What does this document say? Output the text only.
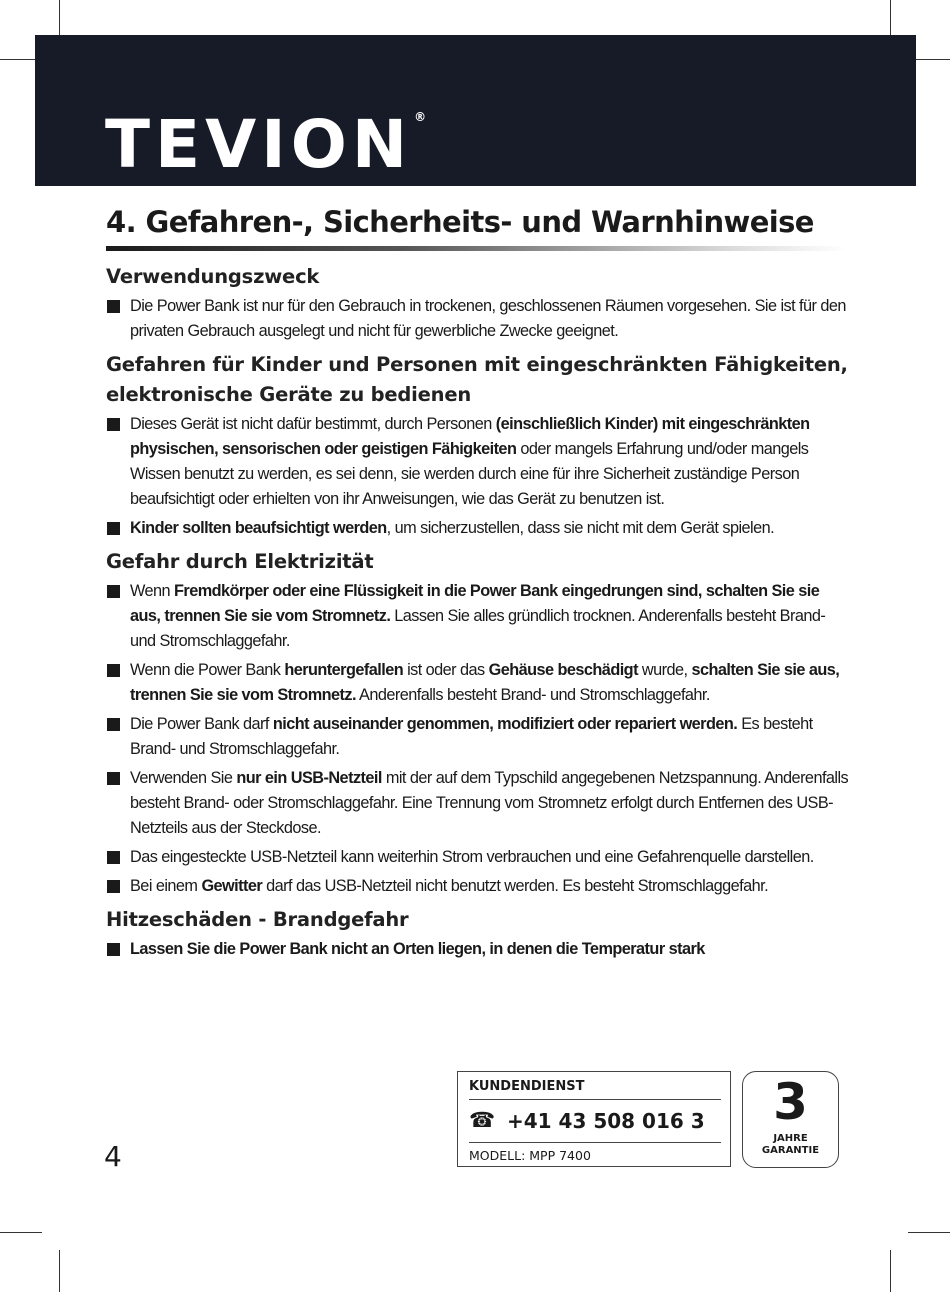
TEVION ®
4. Gefahren-, Sicherheits- und Warnhinweise
Verwendungszweck
Die Power Bank ist nur für den Gebrauch in trockenen, geschlossenen Räumen vorgesehen. Sie ist für den privaten Gebrauch ausgelegt und nicht für gewerbliche Zwecke geeignet.
Gefahren für Kinder und Personen mit eingeschränkten Fähigkeiten, elektronische Geräte zu bedienen
Dieses Gerät ist nicht dafür bestimmt, durch Personen (einschließlich Kinder) mit eingeschränkten physischen, sensorischen oder geistigen Fähigkeiten oder mangels Erfahrung und/oder mangels Wissen benutzt zu werden, es sei denn, sie werden durch eine für ihre Sicherheit zuständige Person beaufsichtigt oder erhielten von ihr Anweisungen, wie das Gerät zu benutzen ist.
Kinder sollten beaufsichtigt werden, um sicherzustellen, dass sie nicht mit dem Gerät spielen.
Gefahr durch Elektrizität
Wenn Fremdkörper oder eine Flüssigkeit in die Power Bank eingedrungen sind, schalten Sie sie aus, trennen Sie sie vom Stromnetz. Lassen Sie alles gründlich trocknen. Anderenfalls besteht Brand- und Stromschlaggefahr.
Wenn die Power Bank heruntergefallen ist oder das Gehäuse beschädigt wurde, schalten Sie sie aus, trennen Sie sie vom Stromnetz. Anderenfalls besteht Brand- und Stromschlaggefahr.
Die Power Bank darf nicht auseinander genommen, modifiziert oder repariert werden. Es besteht Brand- und Stromschlaggefahr.
Verwenden Sie nur ein USB-Netzteil mit der auf dem Typschild angegebenen Netzspannung. Anderenfalls besteht Brand- oder Stromschlaggefahr. Eine Trennung vom Stromnetz erfolgt durch Entfernen des USB-Netzteils aus der Steckdose.
Das eingesteckte USB-Netzteil kann weiterhin Strom verbrauchen und eine Gefahrenquelle darstellen.
Bei einem Gewitter darf das USB-Netzteil nicht benutzt werden. Es besteht Stromschlaggefahr.
Hitzeschäden - Brandgefahr
Lassen Sie die Power Bank nicht an Orten liegen, in denen die Temperatur stark
4
KUNDENDIENST
☎ +41 43 508 016 3
MODELL: MPP 7400
3
JAHRE
GARANTIE
